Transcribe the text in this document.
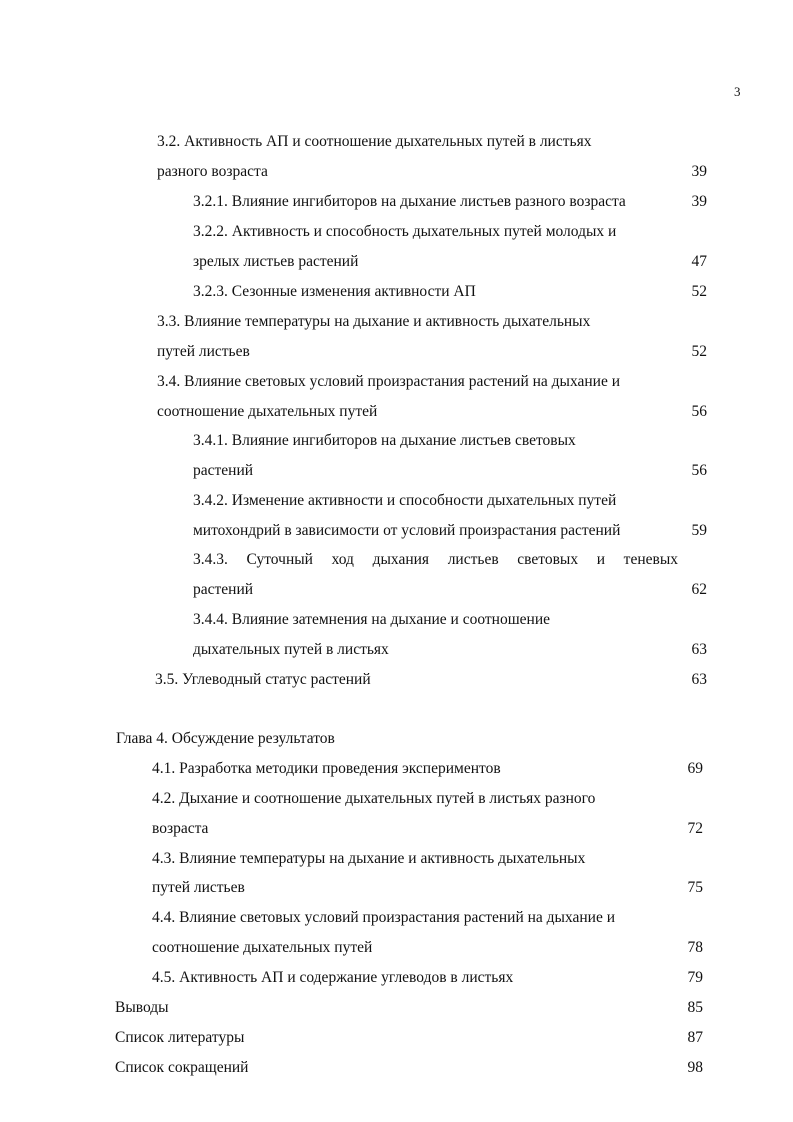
3
3.2. Активность АП и соотношение дыхательных путей в листьях
разного возраста	39
3.2.1. Влияние ингибиторов на дыхание листьев разного возраста	39
3.2.2. Активность и способность дыхательных путей молодых и
зрелых листьев растений	47
3.2.3. Сезонные изменения активности АП	52
3.3. Влияние температуры на дыхание и активность дыхательных
путей листьев	52
3.4. Влияние световых условий произрастания растений на дыхание и
соотношение дыхательных путей	56
3.4.1. Влияние ингибиторов на дыхание листьев световых
растений	56
3.4.2. Изменение активности и способности дыхательных путей
митохондрий в зависимости от условий произрастания растений	59
3.4.3. Суточный ход дыхания листьев световых и теневых
растений	62
3.4.4. Влияние затемнения на дыхание и соотношение
дыхательных путей в листьях	63
3.5. Углеводный статус растений	63
Глава 4. Обсуждение результатов
4.1. Разработка методики проведения экспериментов	69
4.2. Дыхание и соотношение дыхательных путей в листьях разного
возраста	72
4.3. Влияние температуры на дыхание и активность дыхательных
путей листьев	75
4.4. Влияние световых условий произрастания растений на дыхание и
соотношение дыхательных путей	78
4.5. Активность АП и содержание углеводов в листьях	79
Выводы	85
Список литературы	87
Список сокращений	98
